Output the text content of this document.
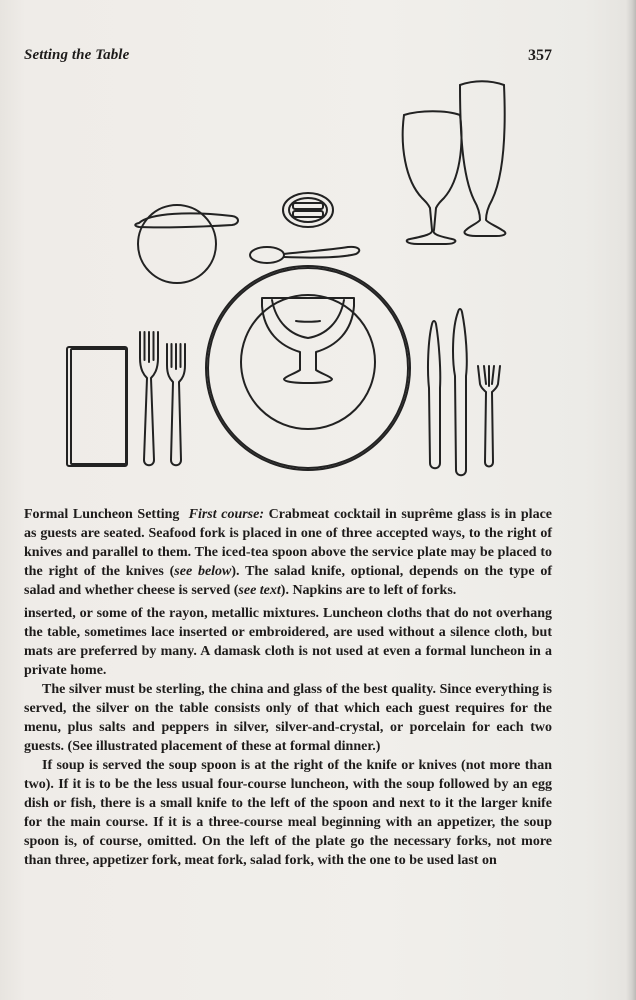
Setting the Table	357

Formal Luncheon Setting First course: Crabmeat cocktail in suprême glass is in place as guests are seated. Seafood fork is placed in one of three accepted ways, to the right of knives and parallel to them. The iced-tea spoon above the service plate may be placed to the right of the knives (see below). The salad knife, optional, depends on the type of salad and whether cheese is served (see text). Napkins are to left of forks.

inserted, or some of the rayon, metallic mixtures. Luncheon cloths that do not overhang the table, sometimes lace inserted or embroidered, are used without a silence cloth, but mats are preferred by many. A damask cloth is not used at even a formal luncheon in a private home.

The silver must be sterling, the china and glass of the best quality. Since everything is served, the silver on the table consists only of that which each guest requires for the menu, plus salts and peppers in silver, silver-and-crystal, or porcelain for each two guests. (See illustrated placement of these at formal dinner.)

If soup is served the soup spoon is at the right of the knife or knives (not more than two). If it is to be the less usual four-course luncheon, with the soup followed by an egg dish or fish, there is a small knife to the left of the spoon and next to it the larger knife for the main course. If it is a three-course meal beginning with an appetizer, the soup spoon is, of course, omitted. On the left of the plate go the necessary forks, not more than three, appetizer fork, meat fork, salad fork, with the one to be used last on
